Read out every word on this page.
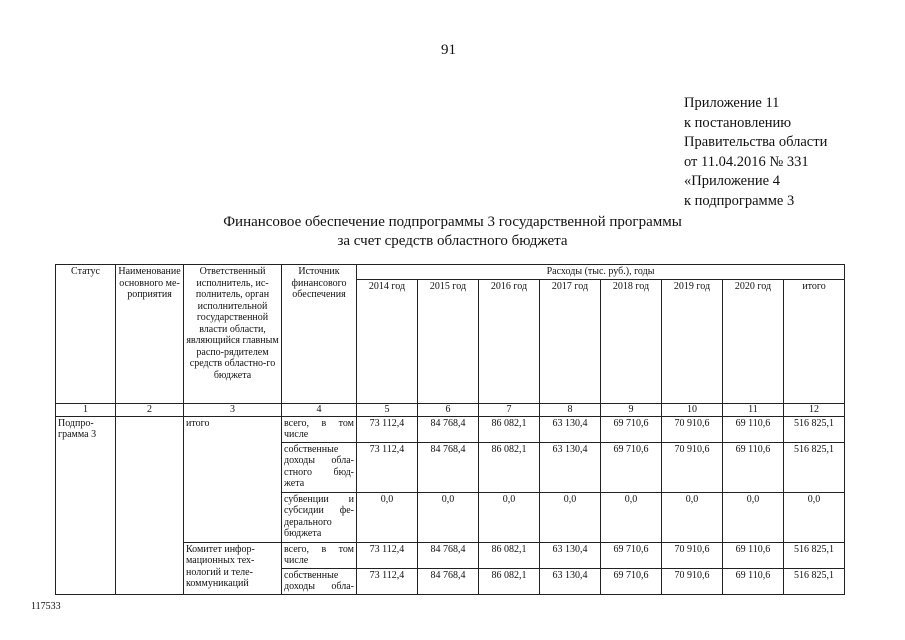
91
Приложение 11
к постановлению
Правительства области
от 11.04.2016 № 331
«Приложение 4
к подпрограмме 3
Финансовое обеспечение подпрограммы 3 государственной программы
за счет средств областного бюджета
Статус	Наименование основного ме-роприятия	Ответственный исполнитель, ис-полнитель, орган исполнительной государственной власти области, являющийся главным распо-рядителем средств областно-го бюджета	Источник финансового обеспечения	Расходы (тыс. руб.), годы							
				2014 год	2015 год	2016 год	2017 год	2018 год	2019 год	2020 год	итого
1	2	3	4	5	6	7	8	9	10	11	12
Подпро-грамма 3		итого	всего, в том числе	73 112,4	84 768,4	86 082,1	63 130,4	69 710,6	70 910,6	69 110,6	516 825,1
			собственные доходы обла-стного бюд-жета	73 112,4	84 768,4	86 082,1	63 130,4	69 710,6	70 910,6	69 110,6	516 825,1
			субвенции и субсидии фе-дерального бюджета	0,0	0,0	0,0	0,0	0,0	0,0	0,0	0,0
		Комитет инфор-мационных тех-нологий и теле-коммуникаций	всего, в том числе	73 112,4	84 768,4	86 082,1	63 130,4	69 710,6	70 910,6	69 110,6	516 825,1
			собственные доходы обла-	73 112,4	84 768,4	86 082,1	63 130,4	69 710,6	70 910,6	69 110,6	516 825,1
117533
